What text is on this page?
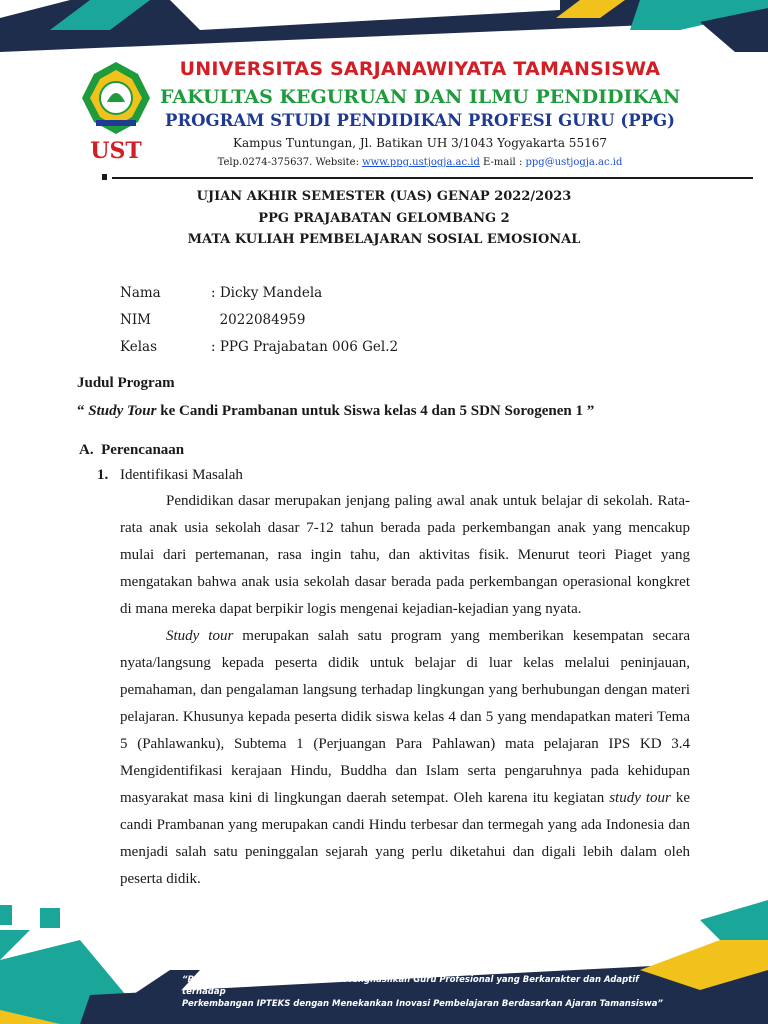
UST
UNIVERSITAS SARJANAWIYATA TAMANSISWA
FAKULTAS KEGURUAN DAN ILMU PENDIDIKAN
PROGRAM STUDI PENDIDIKAN PROFESI GURU (PPG)
Kampus Tuntungan, Jl. Batikan UH 3/1043 Yogyakarta 55167
Telp.0274-375637. Website: www.ppg.ustjogja.ac.id E-mail : ppg@ustjogja.ac.id
UJIAN AKHIR SEMESTER (UAS) GENAP 2022/2023
PPG PRAJABATAN GELOMBANG 2
MATA KULIAH PEMBELAJARAN SOSIAL EMOSIONAL
Nama	: Dicky Mandela
NIM	2022084959
Kelas	: PPG Prajabatan 006 Gel.2
Judul Program
“ Study Tour ke Candi Prambanan untuk Siswa kelas 4 dan 5 SDN Sorogenen 1 ”
A.  Perencanaan
1. Identifikasi Masalah

Pendidikan dasar merupakan jenjang paling awal anak untuk belajar di sekolah. Rata-rata anak usia sekolah dasar 7-12 tahun berada pada perkembangan anak yang mencakup mulai dari pertemanan, rasa ingin tahu, dan aktivitas fisik. Menurut teori Piaget yang mengatakan bahwa anak usia sekolah dasar berada pada perkembangan operasional kongkret di mana mereka dapat berpikir logis mengenai kejadian-kejadian yang nyata.

Study tour merupakan salah satu program yang memberikan kesempatan secara nyata/langsung kepada peserta didik untuk belajar di luar kelas melalui peninjauan, pemahaman, dan pengalaman langsung terhadap lingkungan yang berhubungan dengan materi pelajaran. Khusunya kepada peserta didik siswa kelas 4 dan 5 yang mendapatkan materi Tema 5 (Pahlawanku), Subtema 1 (Perjuangan Para Pahlawan) mata pelajaran IPS KD 3.4 Mengidentifikasi kerajaan Hindu, Buddha dan Islam serta pengaruhnya pada kehidupan masyarakat masa kini di lingkungan daerah setempat. Oleh karena itu kegiatan study tour ke candi Prambanan yang merupakan candi Hindu terbesar dan termegah yang ada Indonesia dan menjadi salah satu peninggalan sejarah yang perlu diketahui dan digali lebih dalam oleh peserta didik.

“Pada tahun 2032, Unggul dalam Menghasilkan Guru Profesional yang Berkarakter dan Adaptif terhadap
Perkembangan IPTEKS dengan Menekankan Inovasi Pembelajaran Berdasarkan Ajaran Tamansiswa”
